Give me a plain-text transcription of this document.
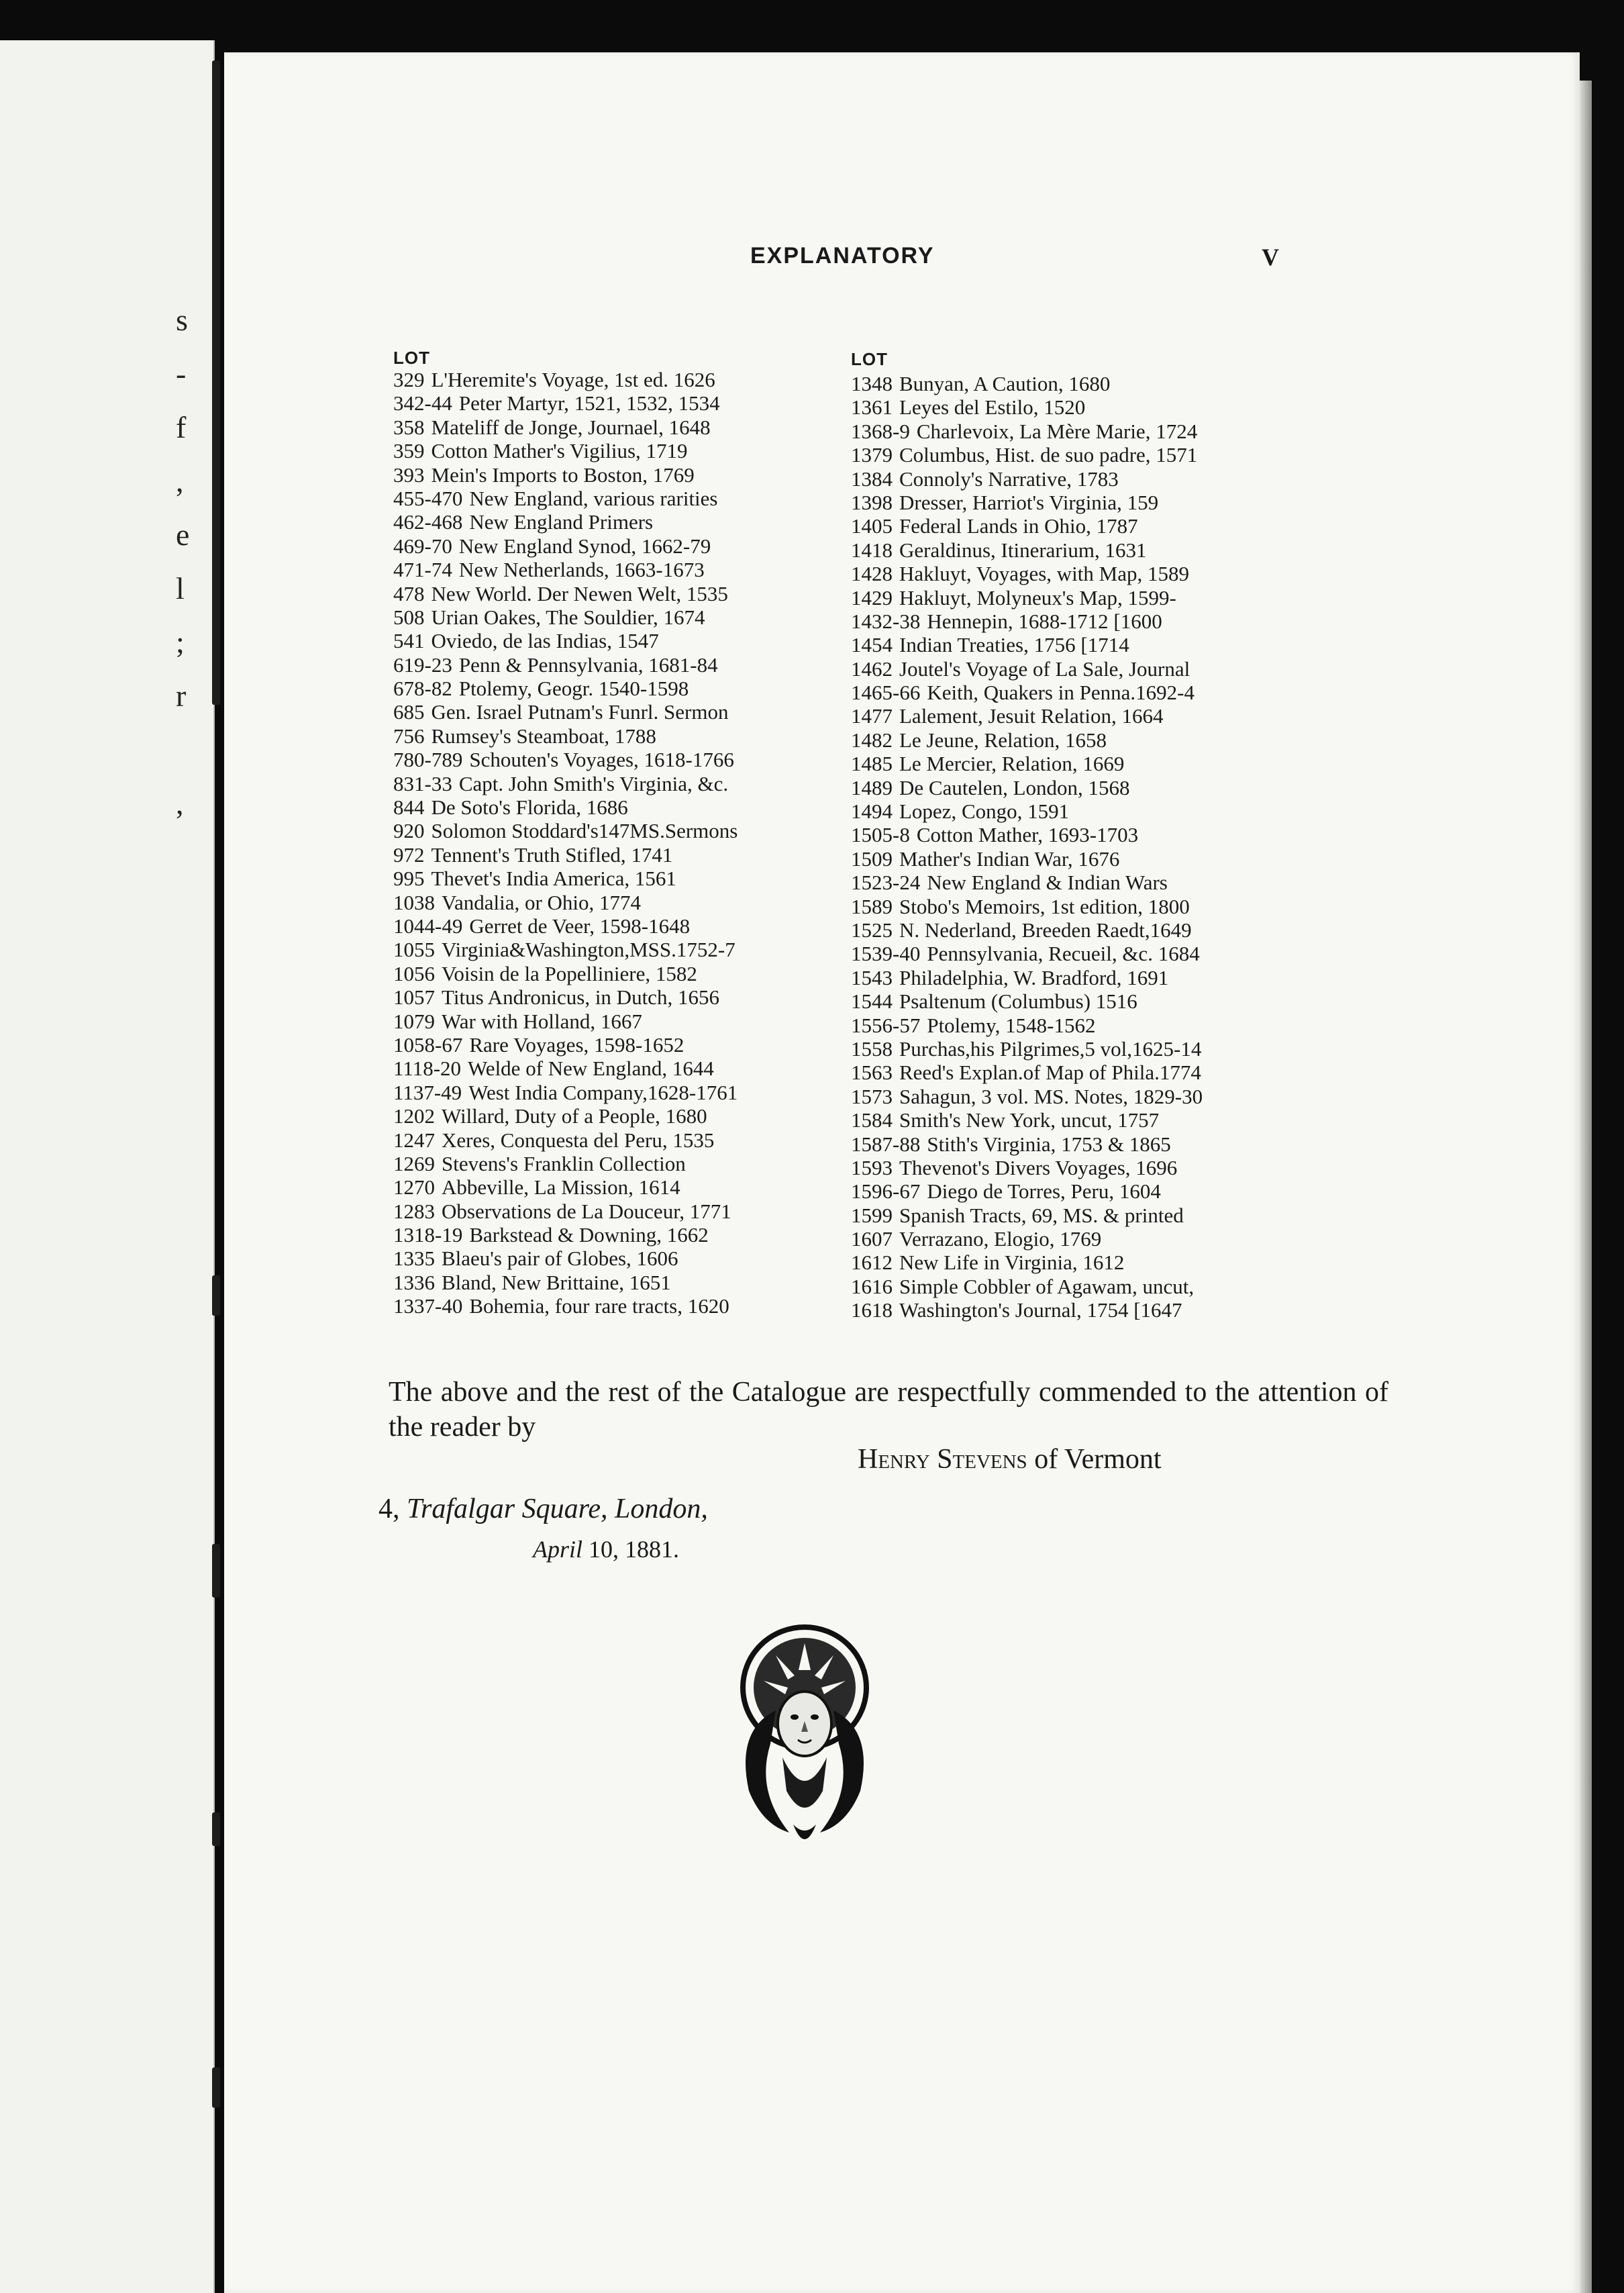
s
-
f
,
e
l
;
r
,
EXPLANATORY	V
LOT
329 L'Heremite's Voyage, 1st ed. 1626
342-44 Peter Martyr, 1521, 1532, 1534
358 Mateliff de Jonge, Journael, 1648
359 Cotton Mather's Vigilius, 1719
393 Mein's Imports to Boston, 1769
455-470 New England, various rarities
462-468 New England Primers
469-70 New England Synod, 1662-79
471-74 New Netherlands, 1663-1673
478 New World. Der Newen Welt, 1535
508 Urian Oakes, The Souldier, 1674
541 Oviedo, de las Indias, 1547
619-23 Penn & Pennsylvania, 1681-84
678-82 Ptolemy, Geogr. 1540-1598
685 Gen. Israel Putnam's Funrl. Sermon
756 Rumsey's Steamboat, 1788
780-789 Schouten's Voyages, 1618-1766
831-33 Capt. John Smith's Virginia, &c.
844 De Soto's Florida, 1686
920 Solomon Stoddard's147MS.Sermons
972 Tennent's Truth Stifled, 1741
995 Thevet's India America, 1561
1038 Vandalia, or Ohio, 1774
1044-49 Gerret de Veer, 1598-1648
1055 Virginia&Washington,MSS.1752-7
1056 Voisin de la Popelliniere, 1582
1057 Titus Andronicus, in Dutch, 1656
1079 War with Holland, 1667
1058-67 Rare Voyages, 1598-1652
1118-20 Welde of New England, 1644
1137-49 West India Company,1628-1761
1202 Willard, Duty of a People, 1680
1247 Xeres, Conquesta del Peru, 1535
1269 Stevens's Franklin Collection
1270 Abbeville, La Mission, 1614
1283 Observations de La Douceur, 1771
1318-19 Barkstead & Downing, 1662
1335 Blaeu's pair of Globes, 1606
1336 Bland, New Brittaine, 1651
1337-40 Bohemia, four rare tracts, 1620
LOT
1348 Bunyan, A Caution, 1680
1361 Leyes del Estilo, 1520
1368-9 Charlevoix, La Mère Marie, 1724
1379 Columbus, Hist. de suo padre, 1571
1384 Connoly's Narrative, 1783
1398 Dresser, Harriot's Virginia, 159
1405 Federal Lands in Ohio, 1787
1418 Geraldinus, Itinerarium, 1631
1428 Hakluyt, Voyages, with Map, 1589
1429 Hakluyt, Molyneux's Map, 1599-
1432-38 Hennepin, 1688-1712 [1600
1454 Indian Treaties, 1756 [1714
1462 Joutel's Voyage of La Sale, Journal
1465-66 Keith, Quakers in Penna.1692-4
1477 Lalement, Jesuit Relation, 1664
1482 Le Jeune, Relation, 1658
1485 Le Mercier, Relation, 1669
1489 De Cautelen, London, 1568
1494 Lopez, Congo, 1591
1505-8 Cotton Mather, 1693-1703
1509 Mather's Indian War, 1676
1523-24 New England & Indian Wars
1589 Stobo's Memoirs, 1st edition, 1800
1525 N. Nederland, Breeden Raedt,1649
1539-40 Pennsylvania, Recueil, &c. 1684
1543 Philadelphia, W. Bradford, 1691
1544 Psaltenum (Columbus) 1516
1556-57 Ptolemy, 1548-1562
1558 Purchas,his Pilgrimes,5 vol,1625-14
1563 Reed's Explan.of Map of Phila.1774
1573 Sahagun, 3 vol. MS. Notes, 1829-30
1584 Smith's New York, uncut, 1757
1587-88 Stith's Virginia, 1753 & 1865
1593 Thevenot's Divers Voyages, 1696
1596-67 Diego de Torres, Peru, 1604
1599 Spanish Tracts, 69, MS. & printed
1607 Verrazano, Elogio, 1769
1612 New Life in Virginia, 1612
1616 Simple Cobbler of Agawam, uncut,
1618 Washington's Journal, 1754 [1647

The above and the rest of the Catalogue are respectfully commended to the attention of the reader by

Henry Stevens of Vermont
4, Trafalgar Square, London,
April 10, 1881.
